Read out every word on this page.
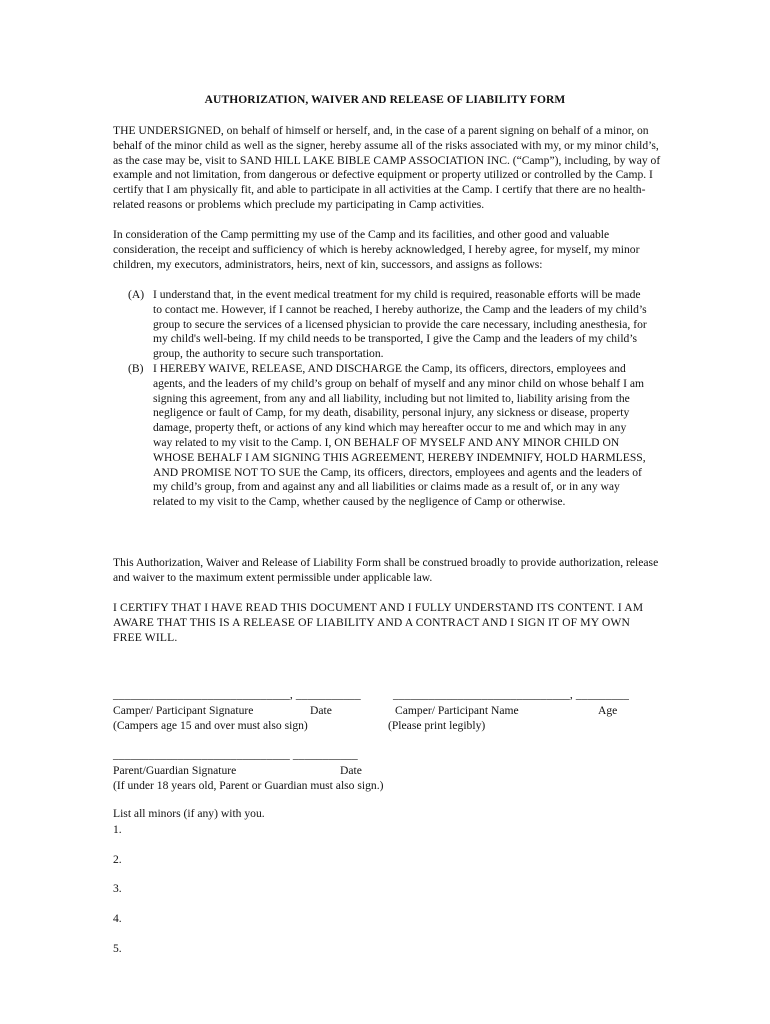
AUTHORIZATION, WAIVER AND RELEASE OF LIABILITY FORM

THE UNDERSIGNED, on behalf of himself or herself, and, in the case of a parent signing on behalf of a minor, on behalf of the minor child as well as the signer, hereby assume all of the risks associated with my, or my minor child’s, as the case may be, visit to SAND HILL LAKE BIBLE CAMP ASSOCIATION INC. (“Camp”), including, by way of example and not limitation, from dangerous or defective equipment or property utilized or controlled by the Camp. I certify that I am physically fit, and able to participate in all activities at the Camp. I certify that there are no health-related reasons or problems which preclude my participating in Camp activities.

In consideration of the Camp permitting my use of the Camp and its facilities, and other good and valuable consideration, the receipt and sufficiency of which is hereby acknowledged, I hereby agree, for myself, my minor children, my executors, administrators, heirs, next of kin, successors, and assigns as follows:

(A) I understand that, in the event medical treatment for my child is required, reasonable efforts will be made to contact me. However, if I cannot be reached, I hereby authorize, the Camp and the leaders of my child’s group to secure the services of a licensed physician to provide the care necessary, including anesthesia, for my child's well-being. If my child needs to be transported, I give the Camp and the leaders of my child’s group, the authority to secure such transportation.
(B) I HEREBY WAIVE, RELEASE, AND DISCHARGE the Camp, its officers, directors, employees and agents, and the leaders of my child’s group on behalf of myself and any minor child on whose behalf I am signing this agreement, from any and all liability, including but not limited to, liability arising from the negligence or fault of Camp, for my death, disability, personal injury, any sickness or disease, property damage, property theft, or actions of any kind which may hereafter occur to me and which may in any way related to my visit to the Camp. I, ON BEHALF OF MYSELF AND ANY MINOR CHILD ON WHOSE BEHALF I AM SIGNING THIS AGREEMENT, HEREBY INDEMNIFY, HOLD HARMLESS, AND PROMISE NOT TO SUE the Camp, its officers, directors, employees and agents and the leaders of my child’s group, from and against any and all liabilities or claims made as a result of, or in any way related to my visit to the Camp, whether caused by the negligence of Camp or otherwise.

This Authorization, Waiver and Release of Liability Form shall be construed broadly to provide authorization, release and waiver to the maximum extent permissible under applicable law.

I CERTIFY THAT I HAVE READ THIS DOCUMENT AND I FULLY UNDERSTAND ITS CONTENT. I AM AWARE THAT THIS IS A RELEASE OF LIABILITY AND A CONTRACT AND I SIGN IT OF MY OWN FREE WILL.

______________________________, ___________	______________________________, _________
Camper/ Participant Signature	Date	Camper/ Participant Name	Age
(Campers age 15 and over must also sign)	(Please print legibly)
______________________________ ___________
Parent/Guardian Signature	Date
(If under 18 years old, Parent or Guardian must also sign.)
List all minors (if any) with you.
1.
2.
3.
4.
5.
